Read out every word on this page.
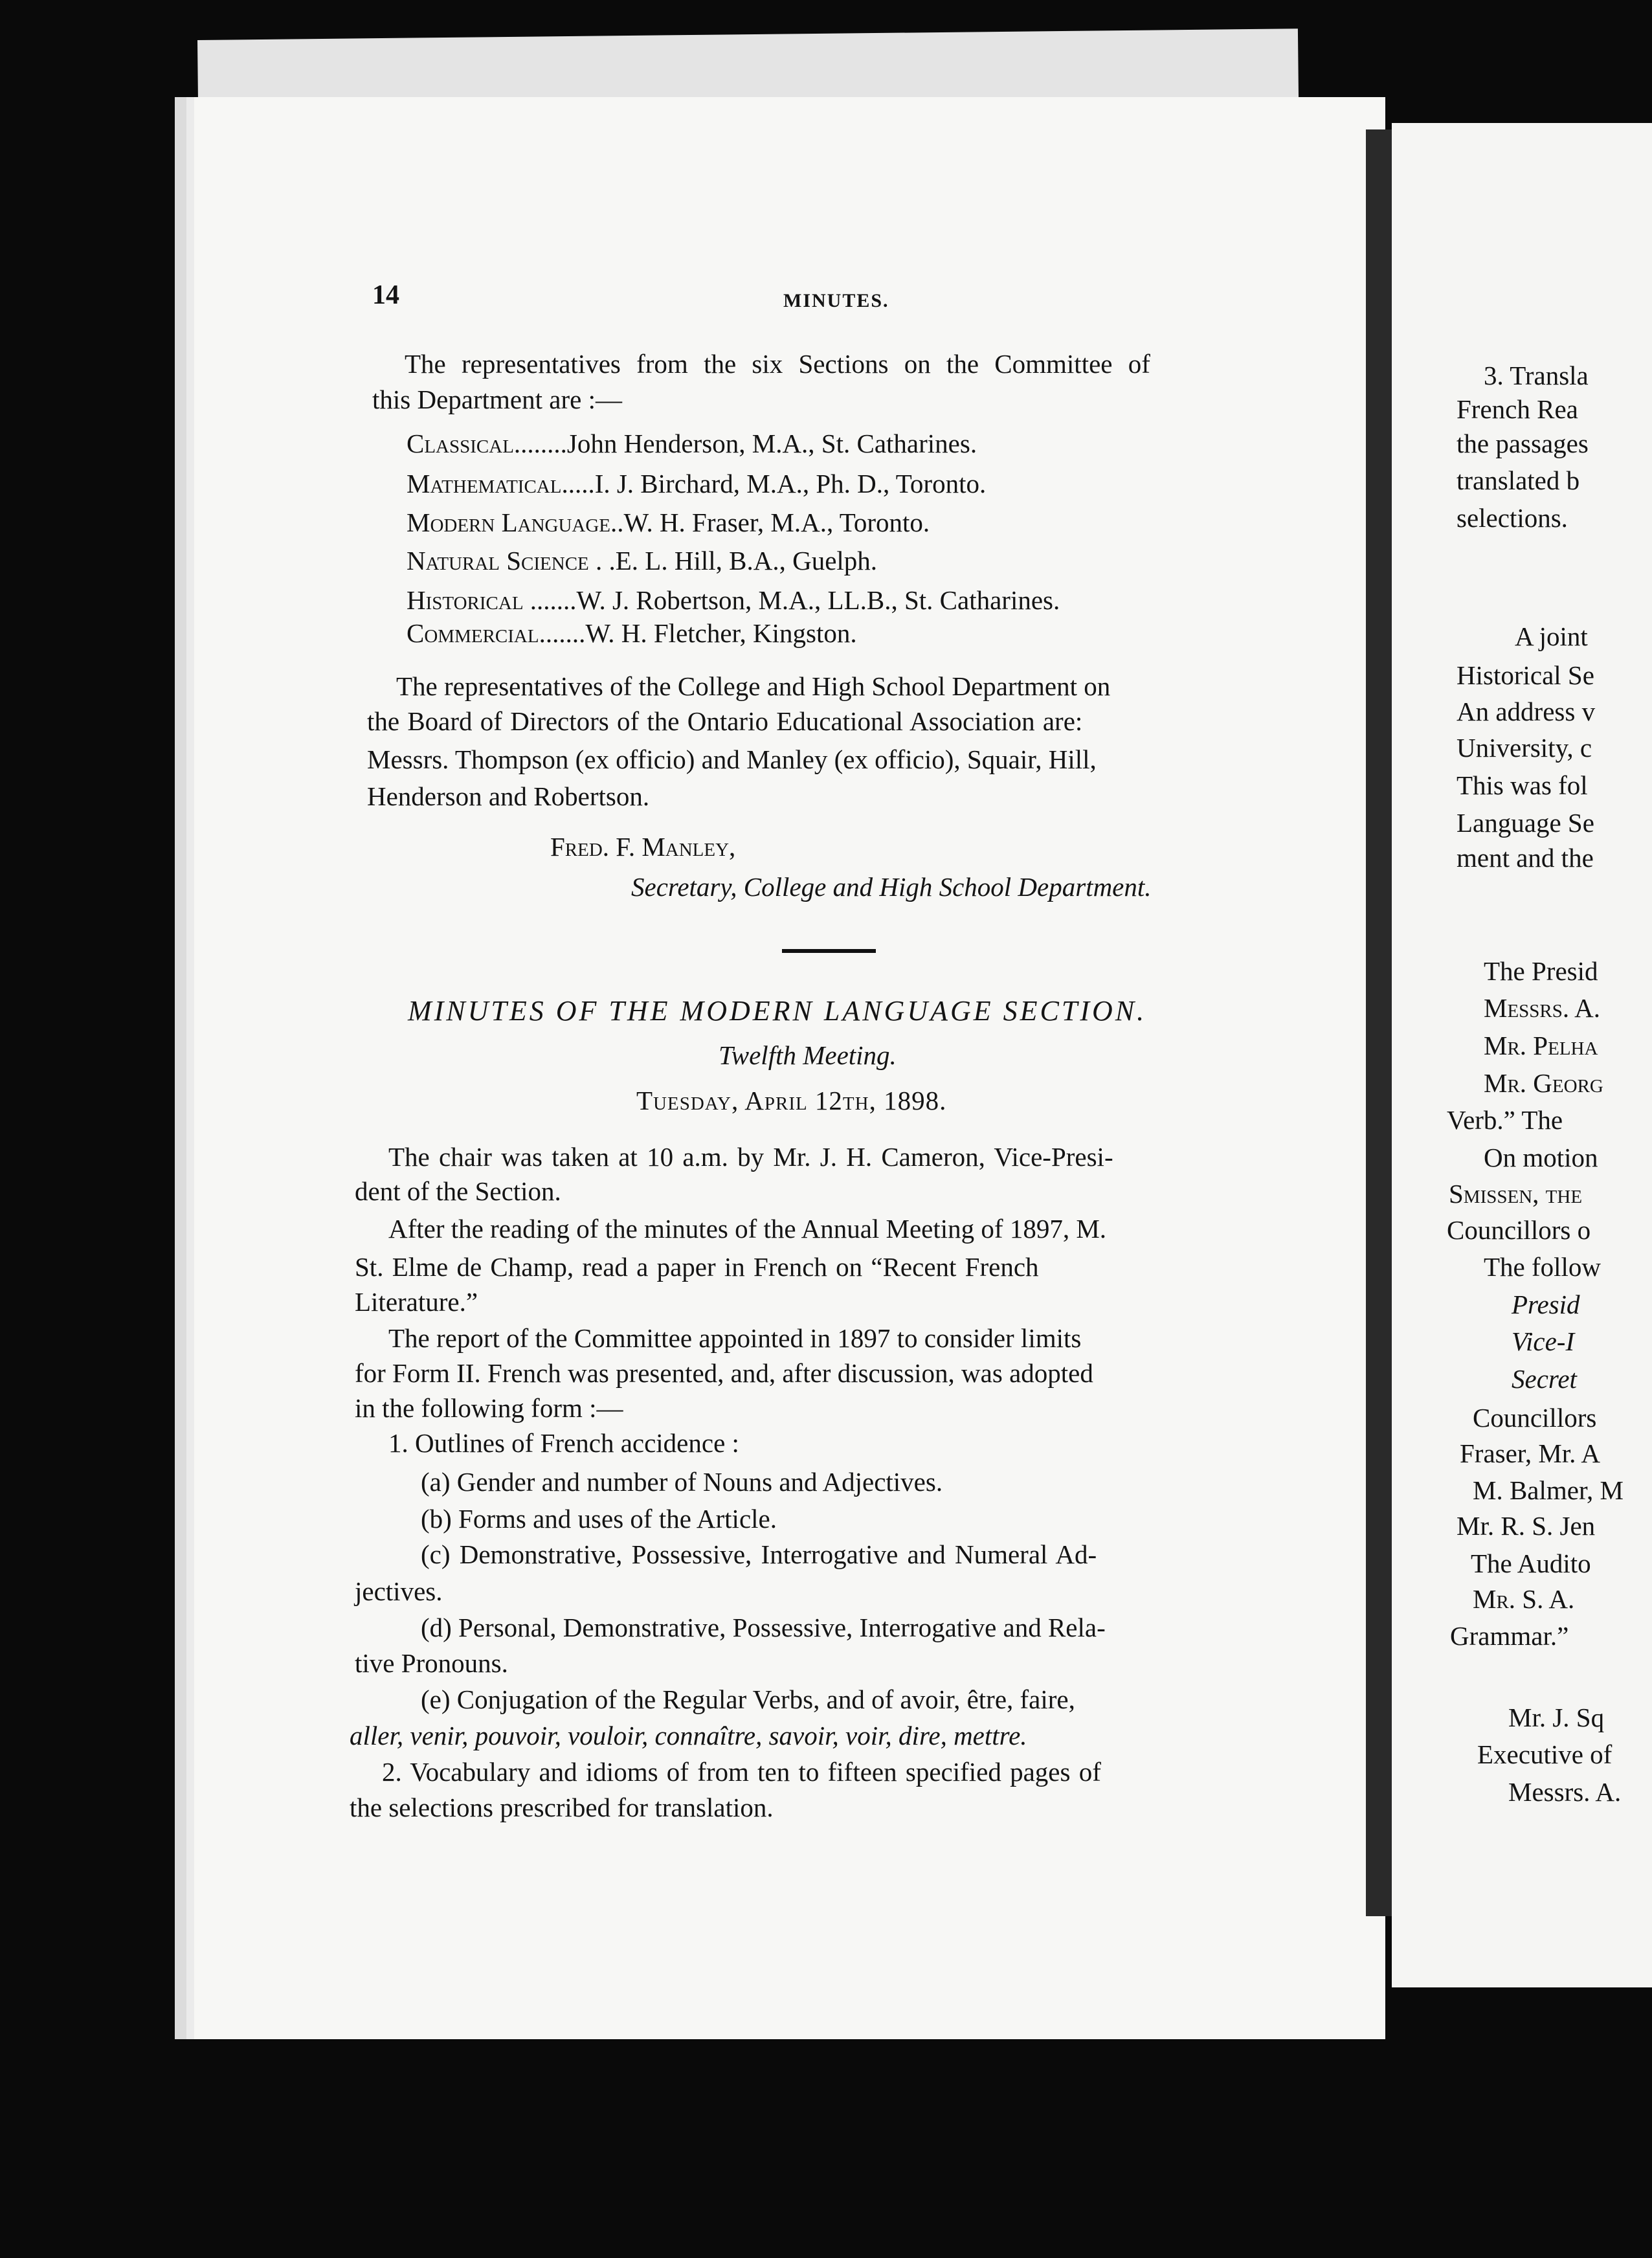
14	MINUTES.
The representatives from the six Sections on the Committee of
this Department are :—
Classical........John Henderson, M.A., St. Catharines.
Mathematical.....I. J. Birchard, M.A., Ph. D., Toronto.
Modern Language..W. H. Fraser, M.A., Toronto.
Natural Science . .E. L. Hill, B.A., Guelph.
Historical .......W. J. Robertson, M.A., LL.B., St. Catharines.
Commercial.......W. H. Fletcher, Kingston.
The representatives of the College and High School Department on
the Board of Directors of the Ontario Educational Association are:
Messrs. Thompson (ex officio) and Manley (ex officio), Squair, Hill,
Henderson and Robertson.
Fred. F. Manley,
Secretary, College and High School Department.
MINUTES OF THE MODERN LANGUAGE SECTION.
Twelfth Meeting.
Tuesday, April 12th, 1898.
The chair was taken at 10 a.m. by Mr. J. H. Cameron, Vice-Presi-
dent of the Section.
After the reading of the minutes of the Annual Meeting of 1897, M.
St. Elme de Champ, read a paper in French on “Recent French
Literature.”
The report of the Committee appointed in 1897 to consider limits
for Form II. French was presented, and, after discussion, was adopted
in the following form :—
1. Outlines of French accidence :
(a) Gender and number of Nouns and Adjectives.
(b) Forms and uses of the Article.
(c) Demonstrative, Possessive, Interrogative and Numeral Ad-
jectives.
(d) Personal, Demonstrative, Possessive, Interrogative and Rela-
tive Pronouns.
(e) Conjugation of the Regular Verbs, and of avoir, être, faire,
aller, venir, pouvoir, vouloir, connaître, savoir, voir, dire, mettre.
2. Vocabulary and idioms of from ten to fifteen specified pages of
the selections prescribed for translation.
3. Transla
French Rea
the passages
translated b
selections.
A joint
Historical Se
An address v
University, c
This was fol
Language Se
ment and the
The Presid
Messrs. A.
Mr. Pelha
Mr. Georg
Verb.” The
On motion
Smissen, the
Councillors o
The follow
Presid
Vice-I
Secret
Councillors
Fraser, Mr. A
M. Balmer, M
Mr. R. S. Jen
The Audito
Mr. S. A.
Grammar.”
Mr. J. Sq
Executive of
Messrs. A.
